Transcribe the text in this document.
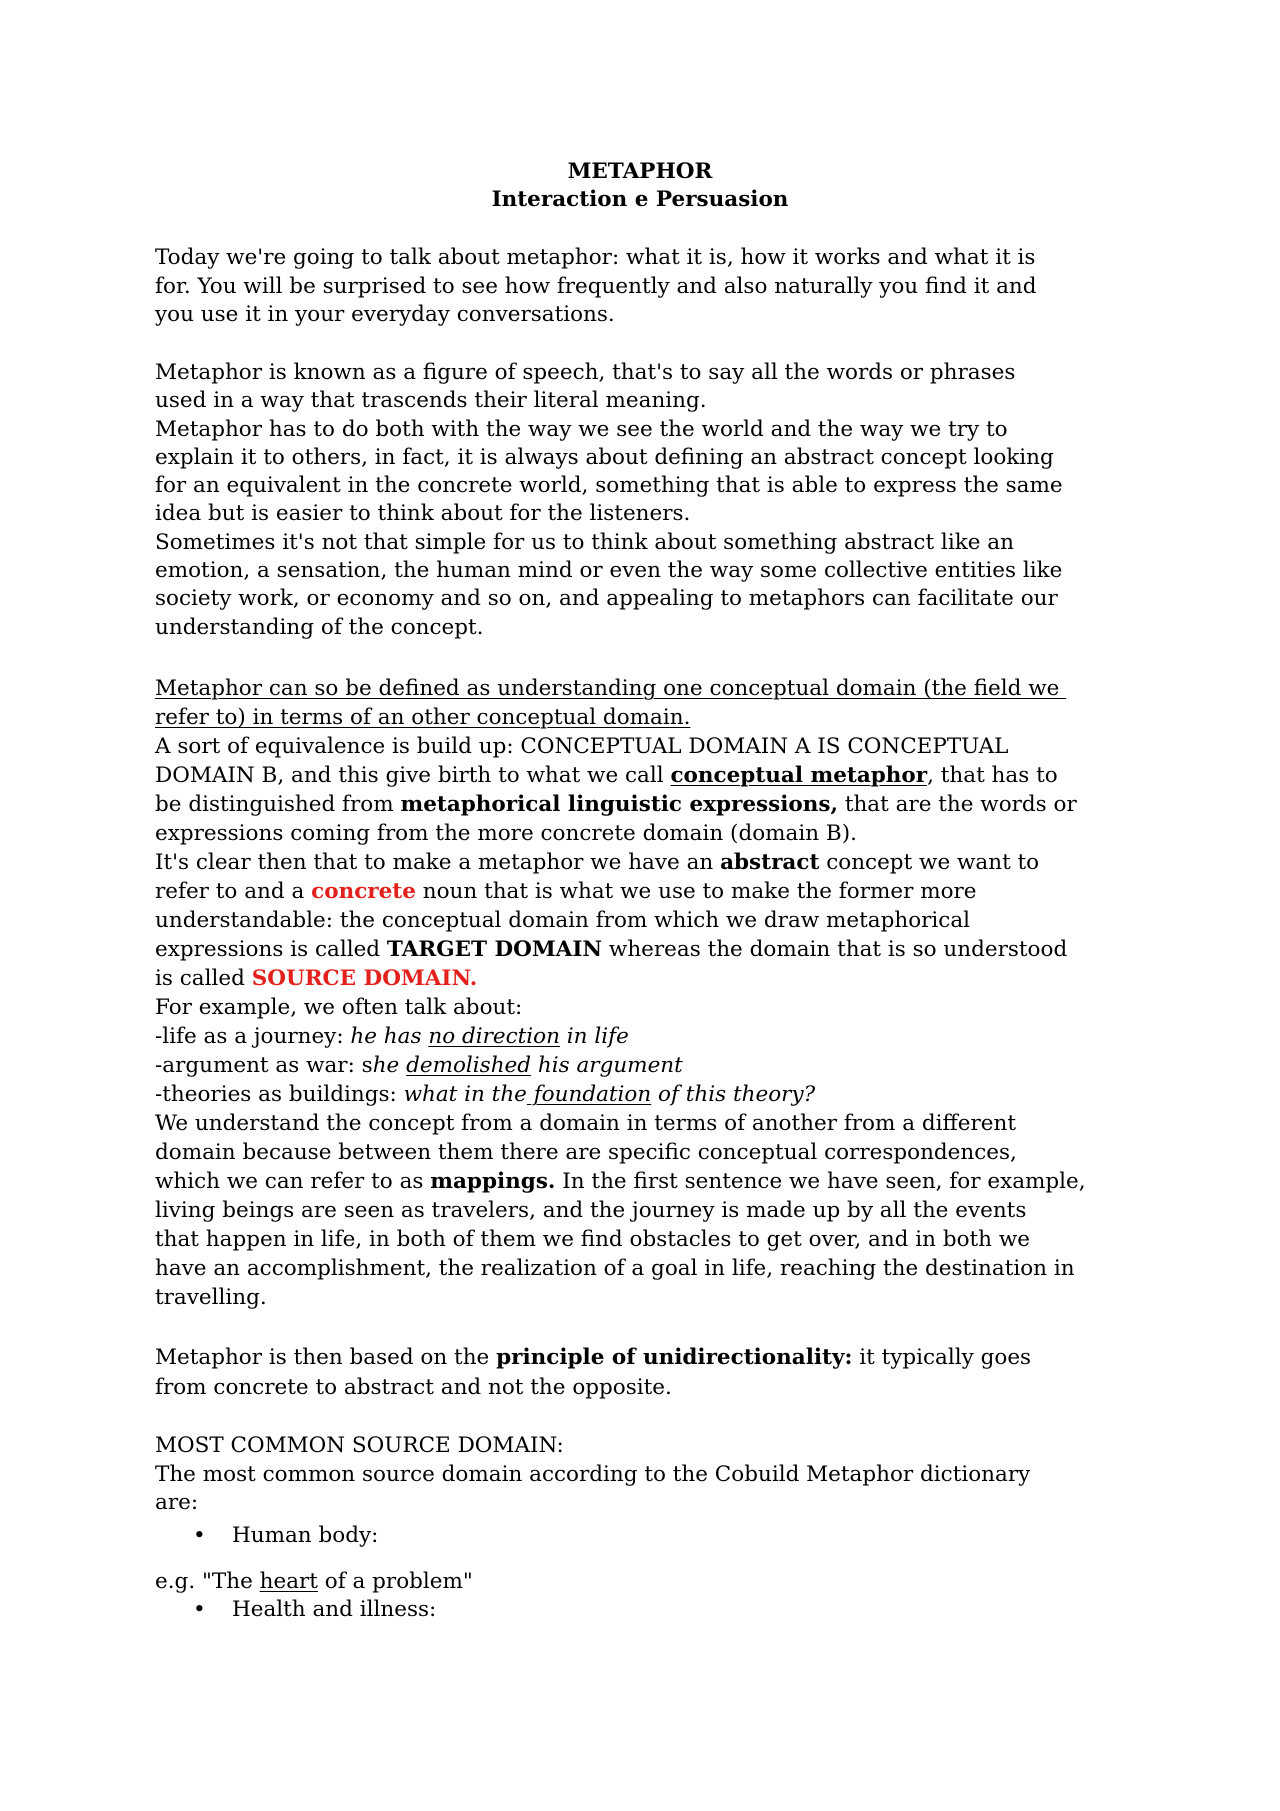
METAPHOR
Interaction e Persuasion
Today we're going to talk about metaphor: what it is, how it works and what it is
for. You will be surprised to see how frequently and also naturally you find it and
you use it in your everyday conversations.
Metaphor is known as a figure of speech, that's to say all the words or phrases
used in a way that trascends their literal meaning.
Metaphor has to do both with the way we see the world and the way we try to
explain it to others, in fact, it is always about defining an abstract concept looking
for an equivalent in the concrete world, something that is able to express the same
idea but is easier to think about for the listeners.
Sometimes it's not that simple for us to think about something abstract like an
emotion, a sensation, the human mind or even the way some collective entities like
society work, or economy and so on, and appealing to metaphors can facilitate our
understanding of the concept.
Metaphor can so be defined as understanding one conceptual domain (the field we
refer to) in terms of an other conceptual domain.
A sort of equivalence is build up: CONCEPTUAL DOMAIN A IS CONCEPTUAL
DOMAIN B, and this give birth to what we call conceptual metaphor, that has to
be distinguished from metaphorical linguistic expressions, that are the words or
expressions coming from the more concrete domain (domain B).
It's clear then that to make a metaphor we have an abstract concept we want to
refer to and a concrete noun that is what we use to make the former more
understandable: the conceptual domain from which we draw metaphorical
expressions is called TARGET DOMAIN whereas the domain that is so understood
is called SOURCE DOMAIN.
For example, we often talk about:
-life as a journey: he has no direction in life
-argument as war: she demolished his argument
-theories as buildings: what in the foundation of this theory?
We understand the concept from a domain in terms of another from a different
domain because between them there are specific conceptual correspondences,
which we can refer to as mappings. In the first sentence we have seen, for example,
living beings are seen as travelers, and the journey is made up by all the events
that happen in life, in both of them we find obstacles to get over, and in both we
have an accomplishment, the realization of a goal in life, reaching the destination in
travelling.
Metaphor is then based on the principle of unidirectionality: it typically goes
from concrete to abstract and not the opposite.
MOST COMMON SOURCE DOMAIN:
The most common source domain according to the Cobuild Metaphor dictionary
are:
• Human body:
e.g. "The heart of a problem"
• Health and illness:
